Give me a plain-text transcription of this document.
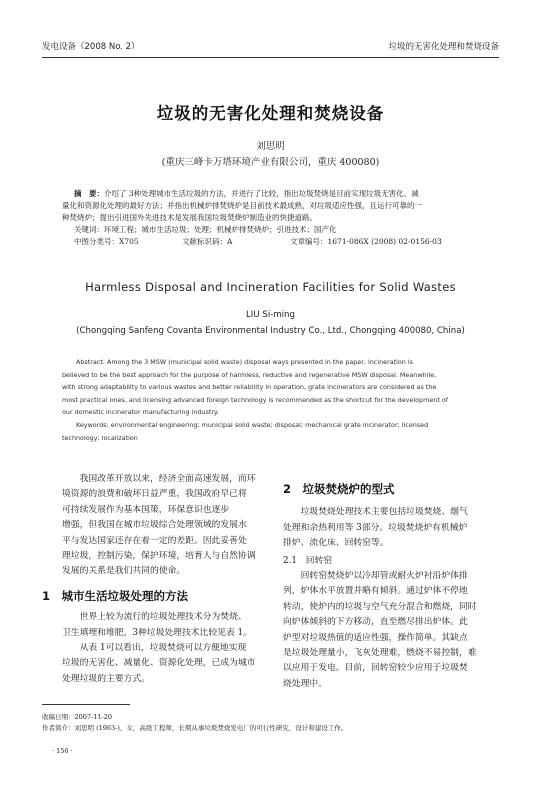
发电设备（2008 No. 2）	垃圾的无害化处理和焚烧设备
垃圾的无害化处理和焚烧设备
刘思明
(重庆三峰卡万塔环境产业有限公司，重庆 400080)
摘　要：介绍了 3种处理城市生活垃圾的方法，并进行了比较，指出垃圾焚烧是目前实现垃圾无害化、减
量化和资源化处理的最好方法；并指出机械炉排焚烧炉是目前技术最成熟，对垃圾适应性强，且运行可靠的一
种焚烧炉；提出引进国外先进技术是发展我国垃圾焚烧炉制造业的快捷道路。
关键词：环境工程；城市生活垃圾；处理；机械炉排焚烧炉；引进技术；国产化
中图分类号：X705	文献标识码：A	文章编号：1671-086X (2008) 02-0156-03
Harmless Disposal and Incineration Facilities for Solid Wastes
LIU Si-ming
(Chongqing Sanfeng Covanta Environmental Industry Co., Ltd., Chongqing 400080, China)
Abstract: Among the 3 MSW (municipal solid waste) disposal ways presented in the paper, incineration is
believed to be the best approach for the purpose of harmless, reductive and regenerative MSW disposal. Meanwhile,
with strong adaptability to various wastes and better reliability in operation, grate incinerators are considered as the
most practical ones, and licensing advanced foreign technology is recommended as the shortcut for the development of
our domestic incinerator manufacturing industry.
Keywords: environmental engineering; municipal solid waste; disposal; mechanical grate incinerator; licensed
technology; localization

我国改革开放以来，经济全面高速发展，而环

境资源的浪费和破坏日益严重，我国政府早已将

可持续发展作为基本国策，环保意识也逐步

增强，但我国在城市垃圾综合处理领域的发展水

平与发达国家还存在着一定的差距。因此妥善处

理垃圾，控制污染，保护环境，培育人与自然协调

发展的关系是我们共同的使命。

1　城市生活垃圾处理的方法

世界上较为流行的垃圾处理技术分为焚烧、

卫生填埋和堆肥，3种垃圾处理技术比较见表 1。

从表 1可以看出，垃圾焚烧可以方便地实现

垃圾的无害化、减量化、资源化处理，已成为城市

处理垃圾的主要方式。

2　垃圾焚烧炉的型式

垃圾焚烧处理技术主要包括垃圾焚烧、烟气

处理和余热利用等 3部分。垃圾焚烧炉有机械炉

排炉、流化床、回转窑等。

2.1　回转窑

回转窑焚烧炉以冷却管或耐火炉衬沿炉体排

列，炉体水平放置并略有倾斜。通过炉体不停地

转动，使炉内的垃圾与空气充分混合和燃烧，同时

向炉体倾斜的下方移动，直至燃尽排出炉体。此

炉型对垃圾热值的适应性强，操作简单。其缺点

是垃圾处理量小，飞灰处理难，燃烧不易控制，难

以应用于发电。目前，回转窑较少应用于垃圾焚

烧处理中。

收稿日期：2007-11-20
作者简介：刘思明 (1963-)，女，高级工程师，长期从事垃圾焚烧发电厂的可行性研究，设计和建设工作。
· 156 ·
